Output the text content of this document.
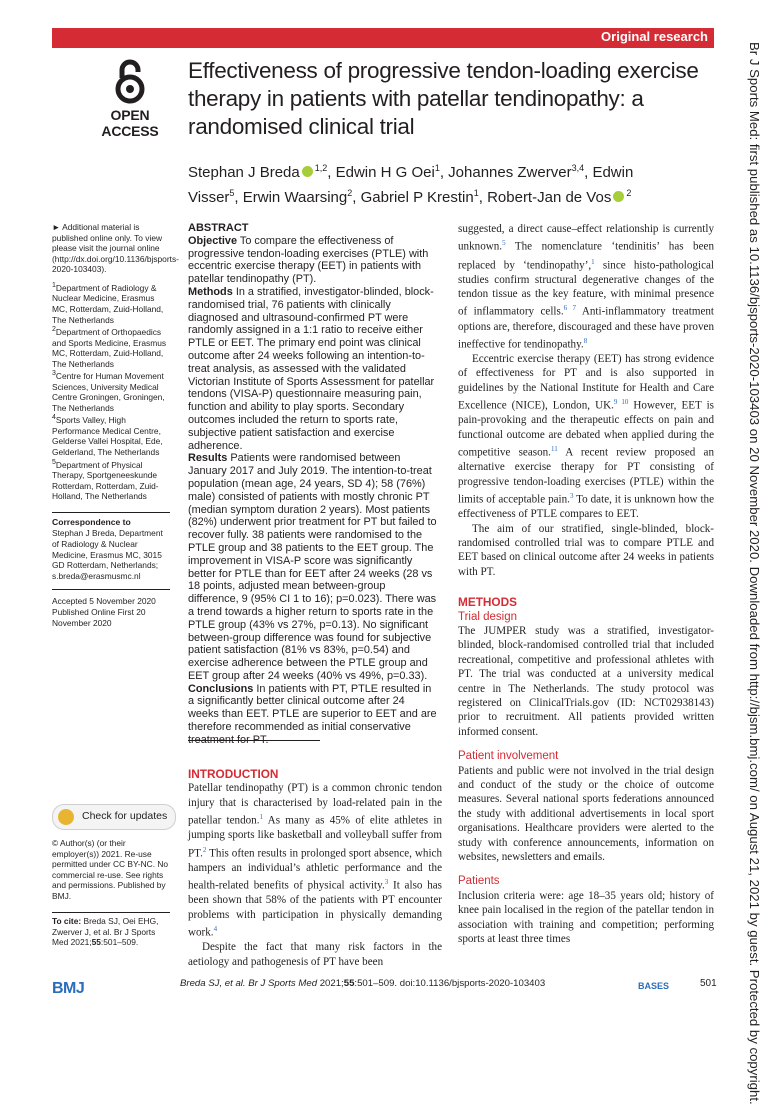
Original research
Br J Sports Med: first published as 10.1136/bjsports-2020-103403 on 20 November 2020. Downloaded from http://bjsm.bmj.com/ on August 21, 2021 by guest. Protected by copyright.
OPEN ACCESS
Effectiveness of progressive tendon-loading exercise therapy in patients with patellar tendinopathy: a randomised clinical trial
Stephan J Breda $^{1,2}$, Edwin H G Oei$^1$, Johannes Zwerver$^{3,4}$, Edwin Visser$^5$, Erwin Waarsing$^2$, Gabriel P Krestin$^1$, Robert-Jan de Vos $^2$

► Additional material is published online only. To view please visit the journal online (http://dx.doi.org/10.1136/bjsports-2020-103403).

$^1$Department of Radiology & Nuclear Medicine, Erasmus MC, Rotterdam, Zuid-Holland, The Netherlands

$^2$Department of Orthopaedics and Sports Medicine, Erasmus MC, Rotterdam, Zuid-Holland, The Netherlands

$^3$Centre for Human Movement Sciences, University Medical Centre Groningen, Groningen, The Netherlands

$^4$Sports Valley, High Performance Medical Centre, Gelderse Vallei Hospital, Ede, Gelderland, The Netherlands

$^5$Department of Physical Therapy, Sportgeneeskunde Rotterdam, Rotterdam, Zuid-Holland, The Netherlands

Correspondence to

Stephan J Breda, Department of Radiology & Nuclear Medicine, Erasmus MC, 3015 GD Rotterdam, Netherlands; s.breda@erasmusmc.nl

Accepted 5 November 2020

Published Online First 20 November 2020

Check for updates
© Author(s) (or their employer(s)) 2021. Re-use permitted under CC BY-NC. No commercial re-use. See rights and permissions. Published by BMJ.
To cite: Breda SJ, Oei EHG, Zwerver J, et al. Br J Sports Med 2021;55:501–509.
BMJ

ABSTRACT

Objective To compare the effectiveness of progressive tendon-loading exercises (PTLE) with eccentric exercise therapy (EET) in patients with patellar tendinopathy (PT).

Methods In a stratified, investigator-blinded, block-randomised trial, 76 patients with clinically diagnosed and ultrasound-confirmed PT were randomly assigned in a 1:1 ratio to receive either PTLE or EET. The primary end point was clinical outcome after 24 weeks following an intention-to-treat analysis, as assessed with the validated Victorian Institute of Sports Assessment for patellar tendons (VISA-P) questionnaire measuring pain, function and ability to play sports. Secondary outcomes included the return to sports rate, subjective patient satisfaction and exercise adherence.

Results Patients were randomised between January 2017 and July 2019. The intention-to-treat population (mean age, 24 years, SD 4); 58 (76%) male) consisted of patients with mostly chronic PT (median symptom duration 2 years). Most patients (82%) underwent prior treatment for PT but failed to recover fully. 38 patients were randomised to the PTLE group and 38 patients to the EET group. The improvement in VISA-P score was significantly better for PTLE than for EET after 24 weeks (28 vs 18 points, adjusted mean between-group difference, 9 (95% CI 1 to 16); p=0.023). There was a trend towards a higher return to sports rate in the PTLE group (43% vs 27%, p=0.13). No significant between-group difference was found for subjective patient satisfaction (81% vs 83%, p=0.54) and exercise adherence between the PTLE group and EET group after 24 weeks (40% vs 49%, p=0.33).

Conclusions In patients with PT, PTLE resulted in a significantly better clinical outcome after 24 weeks than EET. PTLE are superior to EET and are therefore recommended as initial conservative treatment for PT.

INTRODUCTION

Patellar tendinopathy (PT) is a common chronic tendon injury that is characterised by load-related pain in the patellar tendon.$^1$ As many as 45% of elite athletes in jumping sports like basketball and volleyball suffer from PT.$^2$ This often results in prolonged sport absence, which hampers an individual’s athletic performance and the health-related benefits of physical activity.$^3$ It also has been shown that 58% of the patients with PT encounter problems with participation in physically demanding work.$^4$

Despite the fact that many risk factors in the aetiology and pathogenesis of PT have been

suggested, a direct cause–effect relationship is currently unknown.$^5$ The nomenclature ‘tendinitis’ has been replaced by ‘tendinopathy’,$^1$ since histo-pathological studies confirm structural degenerative changes of the tendon tissue as the key feature, with minimal presence of inflammatory cells.$^{6 7}$ Anti-inflammatory treatment options are, therefore, discouraged and these have proven ineffective for tendinopathy.$^8$

Eccentric exercise therapy (EET) has strong evidence of effectiveness for PT and is also supported in guidelines by the National Institute for Health and Care Excellence (NICE), London, UK.$^{9 10}$ However, EET is pain-provoking and the therapeutic effects on pain and functional outcome are debated when applied during the competitive season.$^{11}$ A recent review proposed an alternative exercise therapy for PT consisting of progressive tendon-loading exercises (PTLE) within the limits of acceptable pain.$^3$ To date, it is unknown how the effectiveness of PTLE compares to EET.

The aim of our stratified, single-blinded, block-randomised controlled trial was to compare PTLE and EET based on clinical outcome after 24 weeks in patients with PT.

METHODS

Trial design

The JUMPER study was a stratified, investigator-blinded, block-randomised controlled trial that included recreational, competitive and professional athletes with PT. The trial was conducted at a university medical centre in The Netherlands. The study protocol was registered on ClinicalTrials.gov (ID: NCT02938143) prior to recruitment. All patients provided written informed consent.

Patient involvement

Patients and public were not involved in the trial design and conduct of the study or the choice of outcome measures. Several national sports federations announced the study with additional advertisements in local sport organisations. Healthcare providers were alerted to the study with conference announcements, information on websites, newsletters and emails.

Patients

Inclusion criteria were: age 18–35 years old; history of knee pain localised in the region of the patellar tendon in association with training and competition; performing sports at least three times

Breda SJ, et al. Br J Sports Med 2021;55:501–509. doi:10.1136/bjsports-2020-103403	BASES	501
